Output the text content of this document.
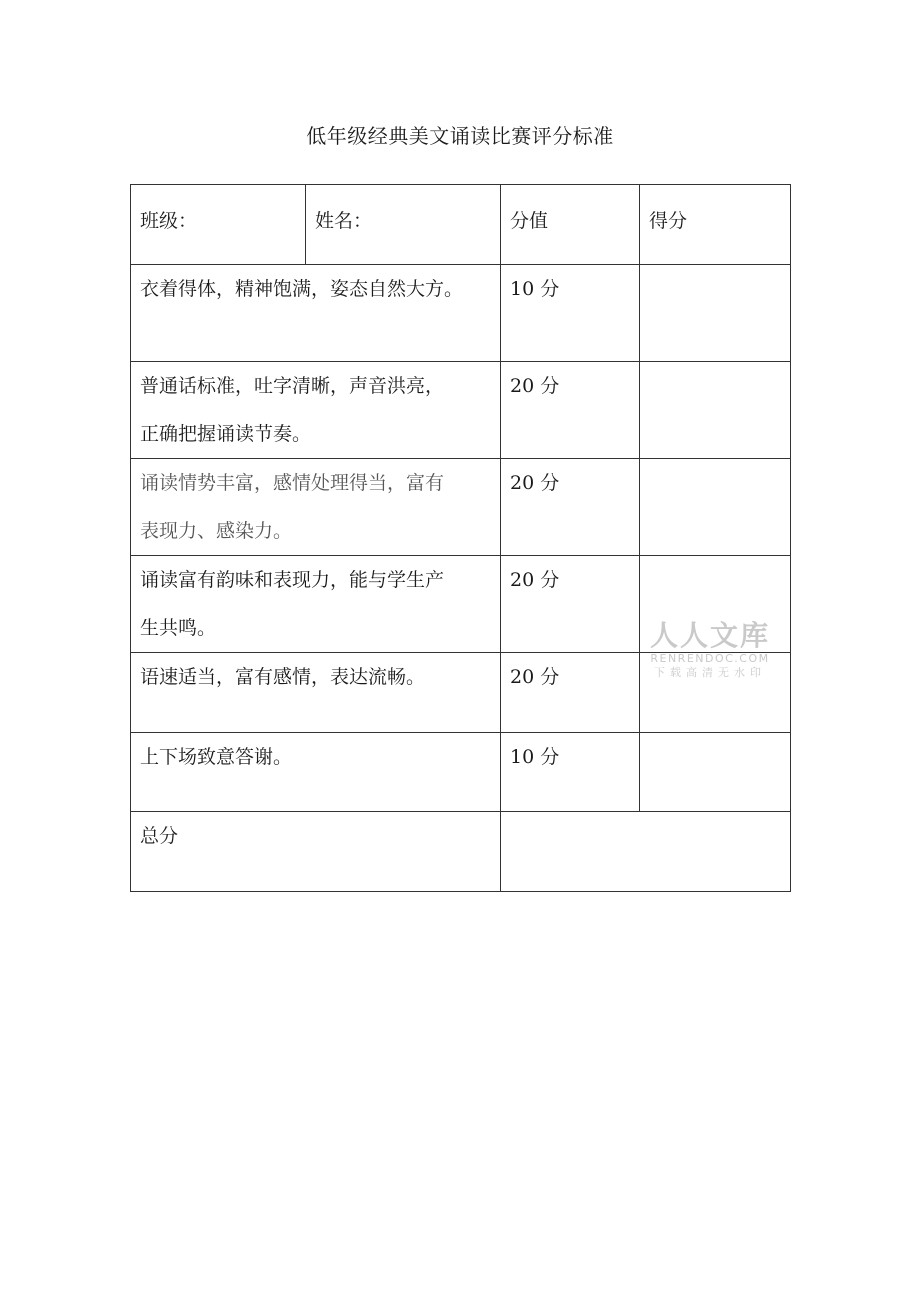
低年级经典美文诵读比赛评分标准
班级：	姓名：	分值	得分
衣着得体，精神饱满，姿态自然大方。		10 分	
普通话标准，吐字清晰，声音洪亮，
正确把握诵读节奏。		20 分	
诵读情势丰富，感情处理得当，富有
表现力、感染力。		20 分	
诵读富有韵味和表现力，能与学生产
生共鸣。		20 分	
语速适当，富有感情，表达流畅。		20 分	
上下场致意答谢。		10 分	
总分			
人人文库
RENRENDOC.COM
下载高清无水印
